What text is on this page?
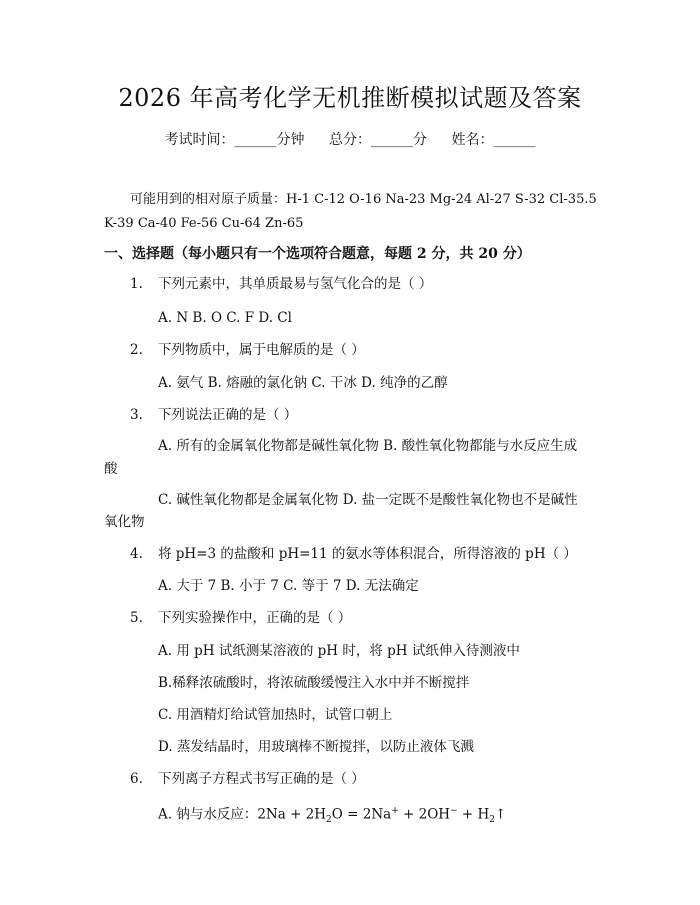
2026 年高考化学无机推断模拟试题及答案
考试时间：______分钟 总分：______分 姓名：______
可能用到的相对原子质量：H-1 C-12 O-16 Na-23 Mg-24 Al-27 S-32 Cl-35.5 K-39 Ca-40 Fe-56 Cu-64 Zn-65
一、选择题（每小题只有一个选项符合题意，每题 2 分，共 20 分）
1. 下列元素中，其单质最易与氢气化合的是（ ）
A. N B. O C. F D. Cl
2. 下列物质中，属于电解质的是（ ）
A. 氨气 B. 熔融的氯化钠 C. 干冰 D. 纯净的乙醇
3. 下列说法正确的是（ ）
A. 所有的金属氧化物都是碱性氧化物 B. 酸性氧化物都能与水反应生成
酸
C. 碱性氧化物都是金属氧化物 D. 盐一定既不是酸性氧化物也不是碱性
氧化物
4. 将 pH=3 的盐酸和 pH=11 的氨水等体积混合，所得溶液的 pH（ ）
A. 大于 7 B. 小于 7 C. 等于 7 D. 无法确定
5. 下列实验操作中，正确的是（ ）
A. 用 pH 试纸测某溶液的 pH 时，将 pH 试纸伸入待测液中
B.稀释浓硫酸时，将浓硫酸缓慢注入水中并不断搅拌
C. 用酒精灯给试管加热时，试管口朝上
D. 蒸发结晶时，用玻璃棒不断搅拌，以防止液体飞溅
6. 下列离子方程式书写正确的是（ ）
A. 钠与水反应：$2Na + 2H_2O = 2Na^+ + 2OH^-$ + $H_2↑$
